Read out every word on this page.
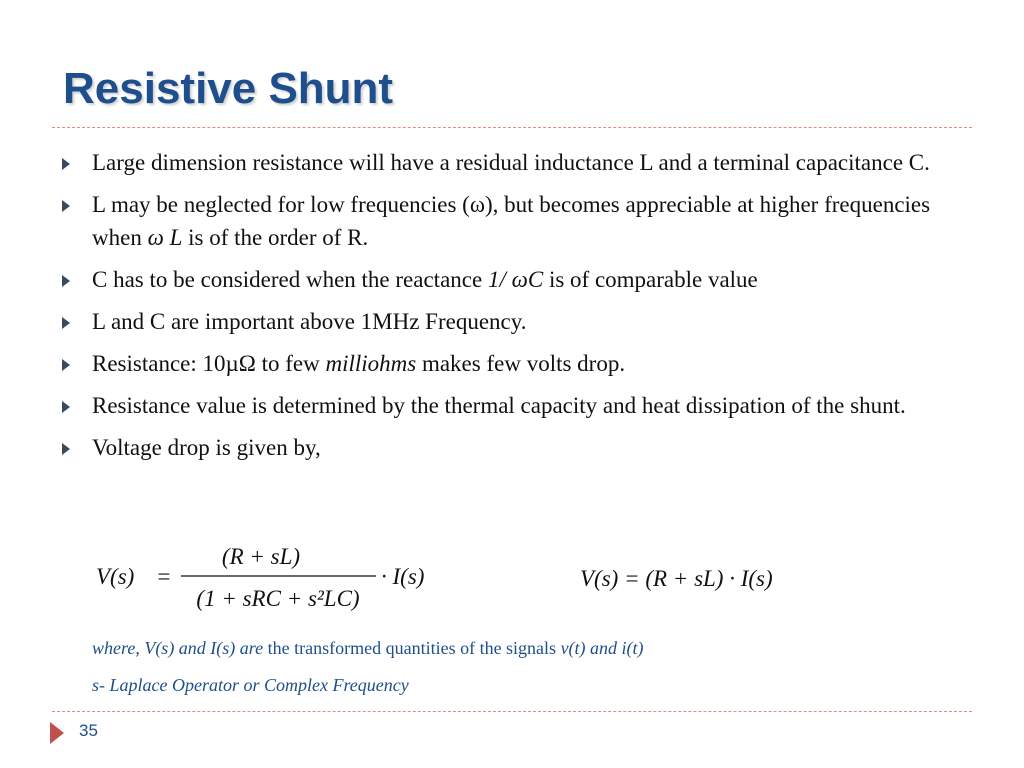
Resistive Shunt
Large dimension resistance will have a residual inductance L and a terminal capacitance C.
L may be neglected for low frequencies (ω), but becomes appreciable at higher frequencies when ω L is of the order of R.
C has to be considered when the reactance 1/ ωC is of comparable value
L and C are important above 1MHz Frequency.
Resistance: 10µΩ to few milliohms makes few volts drop.
Resistance value is determined by the thermal capacity and heat dissipation of the shunt.
Voltage drop is given by,
V(s) =
(R + sL)
(1 + sRC + s²LC)
· I(s)	V(s) = (R + sL) · I(s)
where, V(s) and I(s) are the transformed quantities of the signals v(t) and i(t)
s- Laplace Operator or Complex Frequency
35
